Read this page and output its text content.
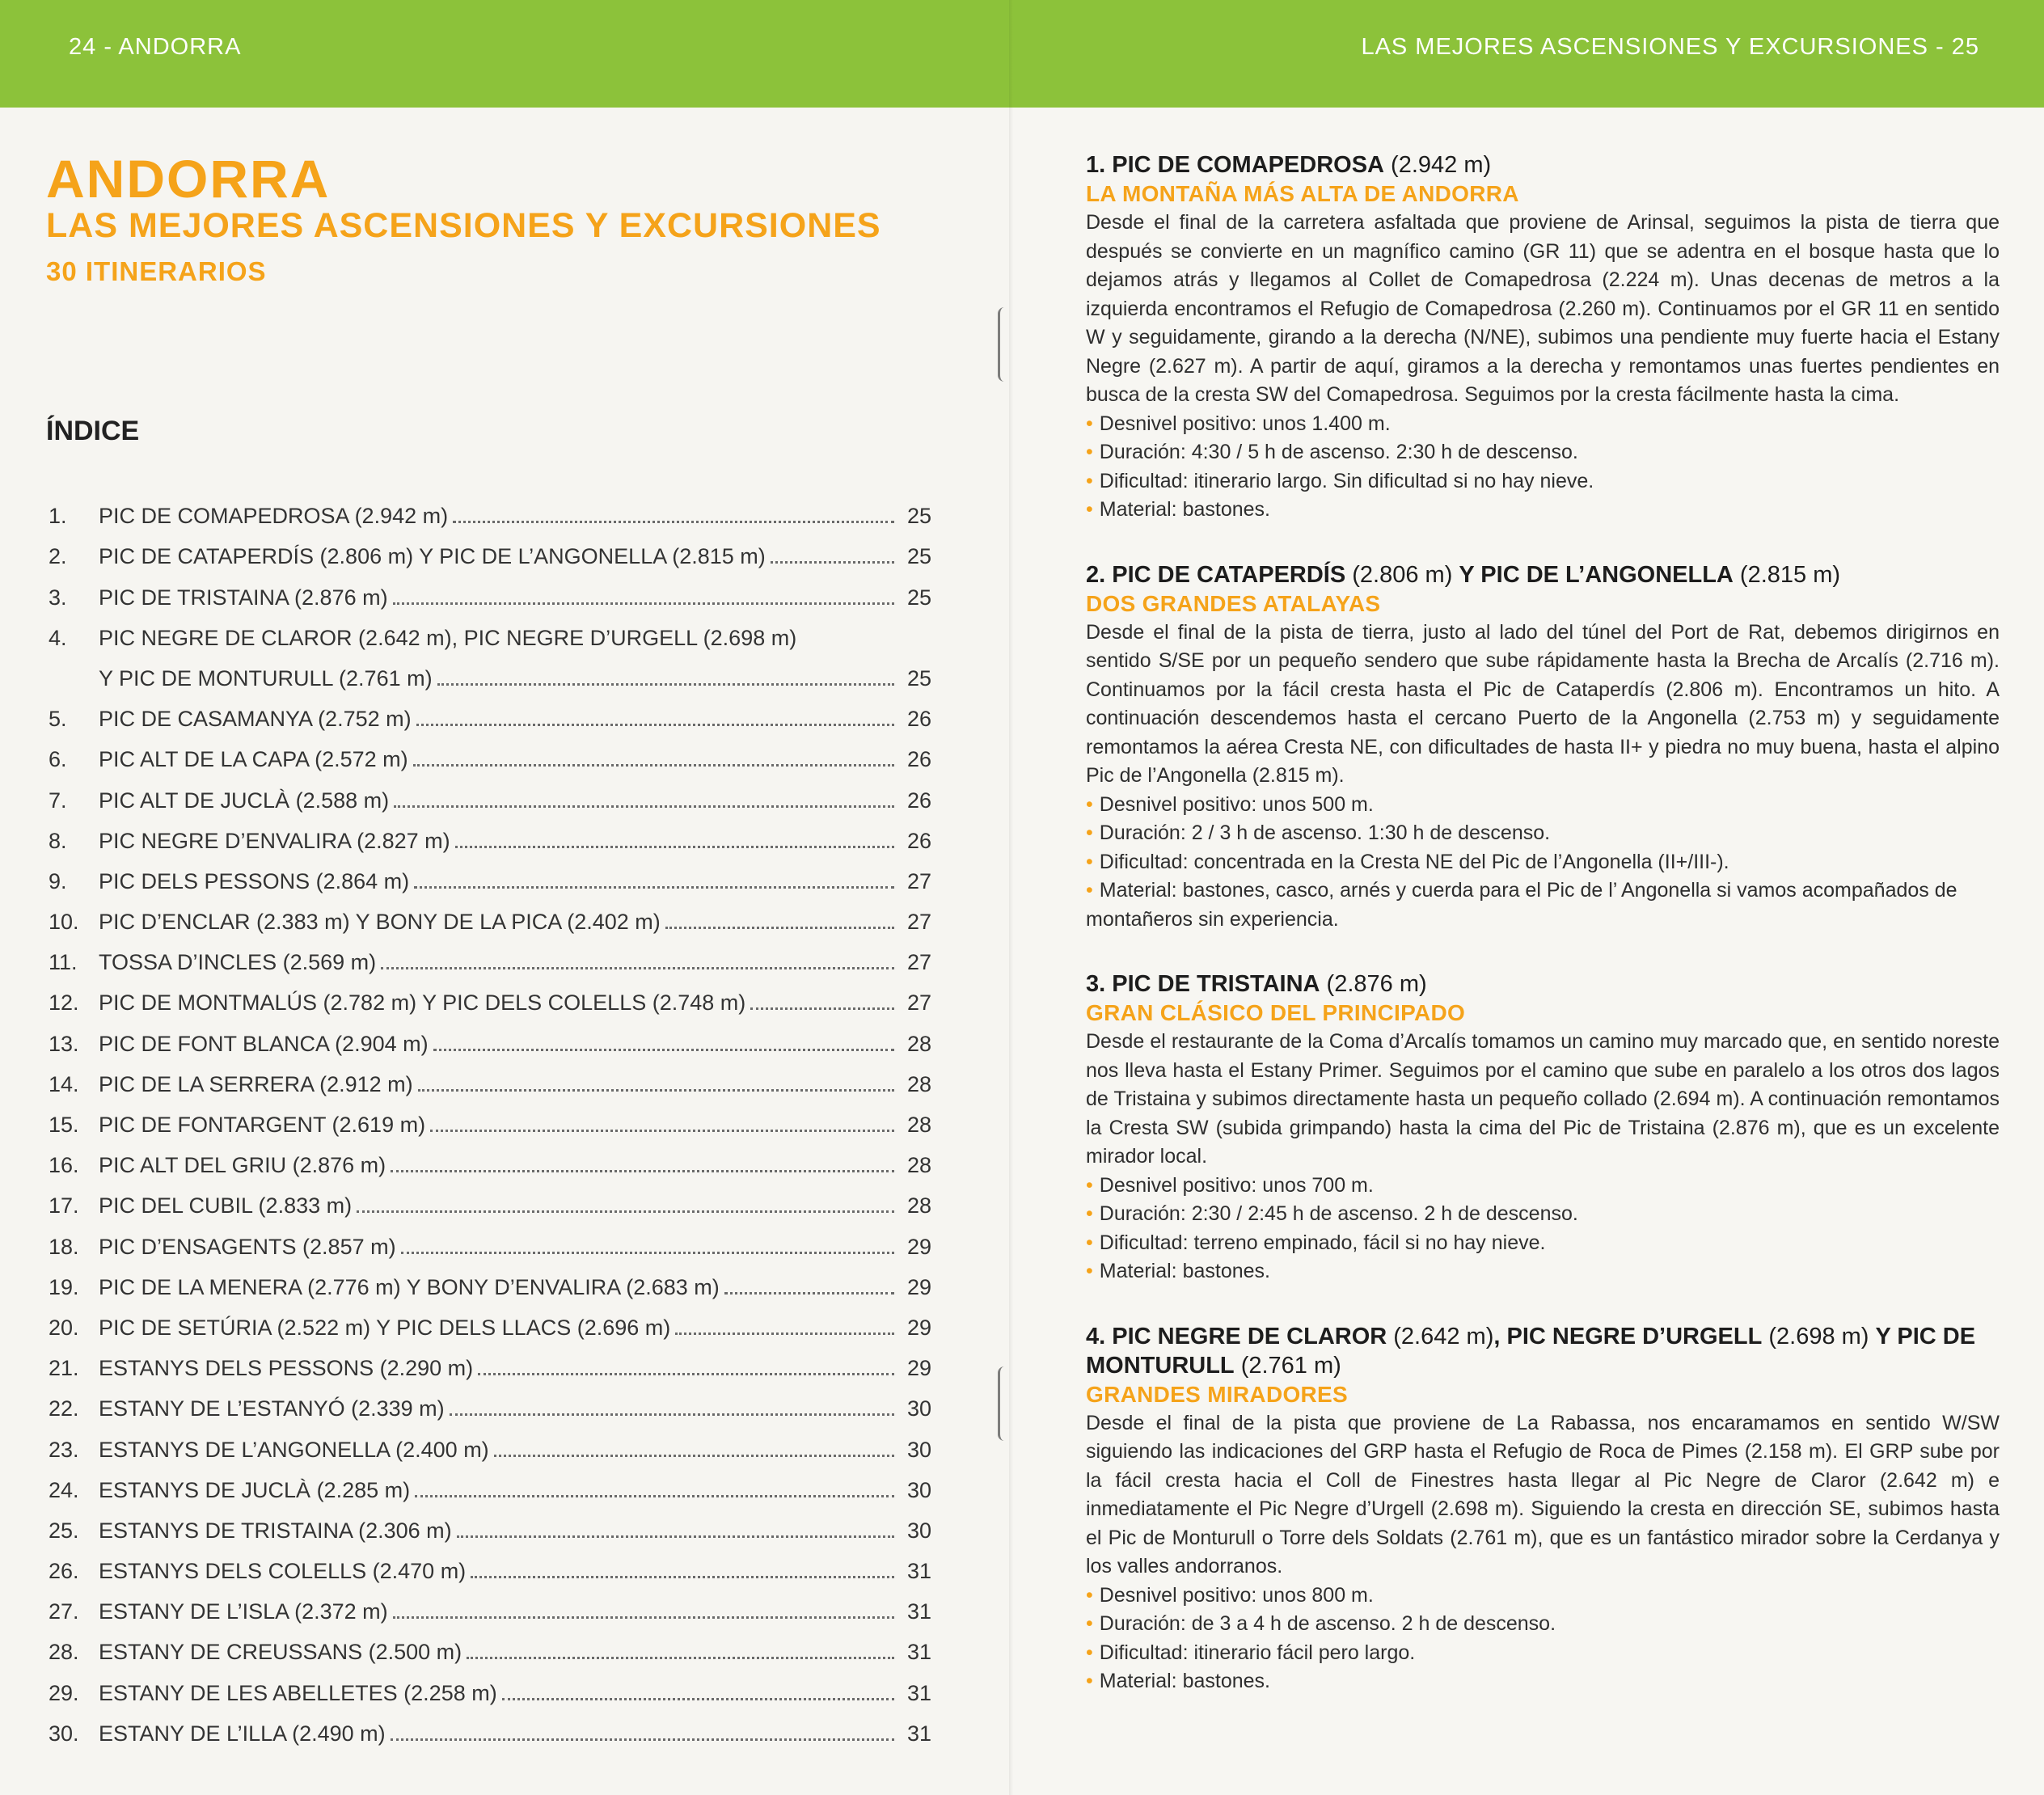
24 - ANDORRA
ANDORRA
LAS MEJORES ASCENSIONES Y EXCURSIONES
30 ITINERARIOS
ÍNDICE
1.	PIC DE COMAPEDROSA (2.942 m)	25
2.	PIC DE CATAPERDÍS (2.806 m) Y PIC DE L’ANGONELLA (2.815 m)	25
3.	PIC DE TRISTAINA (2.876 m)	25
4.	PIC NEGRE DE CLAROR (2.642 m), PIC NEGRE D’URGELL (2.698 m)
Y PIC DE MONTURULL (2.761 m)	25
5.	PIC DE CASAMANYA (2.752 m)	26
6.	PIC ALT DE LA CAPA (2.572 m)	26
7.	PIC ALT DE JUCLÀ (2.588 m)	26
8.	PIC NEGRE D’ENVALIRA (2.827 m)	26
9.	PIC DELS PESSONS (2.864 m)	27
10. PIC D’ENCLAR (2.383 m) Y BONY DE LA PICA (2.402 m)	27
11. TOSSA D’INCLES (2.569 m)	27
12. PIC DE MONTMALÚS (2.782 m) Y PIC DELS COLELLS (2.748 m)	27
13. PIC DE FONT BLANCA (2.904 m)	28
14. PIC DE LA SERRERA (2.912 m)	28
15. PIC DE FONTARGENT (2.619 m)	28
16. PIC ALT DEL GRIU (2.876 m)	28
17. PIC DEL CUBIL (2.833 m)	28
18. PIC D’ENSAGENTS (2.857 m)	29
19. PIC DE LA MENERA (2.776 m) Y BONY D’ENVALIRA (2.683 m)	29
20. PIC DE SETÚRIA (2.522 m) Y PIC DELS LLACS (2.696 m)	29
21. ESTANYS DELS PESSONS (2.290 m)	29
22. ESTANY DE L’ESTANYÓ (2.339 m)	30
23. ESTANYS DE L’ANGONELLA (2.400 m)	30
24. ESTANYS DE JUCLÀ (2.285 m)	30
25. ESTANYS DE TRISTAINA (2.306 m)	30
26. ESTANYS DELS COLELLS (2.470 m)	31
27. ESTANY DE L’ISLA (2.372 m)	31
28. ESTANY DE CREUSSANS (2.500 m)	31
29. ESTANY DE LES ABELLETES (2.258 m)	31
30. ESTANY DE L’ILLA (2.490 m)	31
LAS MEJORES ASCENSIONES Y EXCURSIONES - 25

1. PIC DE COMAPEDROSA (2.942 m)

LA MONTAÑA MÁS ALTA DE ANDORRA

Desde el final de la carretera asfaltada que proviene de Arinsal, seguimos la pista de tierra que después se convierte en un magnífico camino (GR 11) que se adentra en el bosque hasta que lo dejamos atrás y llegamos al Collet de Comapedrosa (2.224 m). Unas decenas de metros a la izquierda encontramos el Refugio de Comapedrosa (2.260 m). Continuamos por el GR 11 en sentido W y seguidamente, girando a la derecha (N/NE), subimos una pendiente muy fuerte hacia el Estany Negre (2.627 m). A partir de aquí, giramos a la derecha y remontamos unas fuertes pendientes en busca de la cresta SW del Comapedrosa. Seguimos por la cresta fácilmente hasta la cima.

• Desnivel positivo: unos 1.400 m.
• Duración: 4:30 / 5 h de ascenso. 2:30 h de descenso.
• Dificultad: itinerario largo. Sin dificultad si no hay nieve.
• Material: bastones.

2. PIC DE CATAPERDÍS (2.806 m) Y PIC DE L’ANGONELLA (2.815 m)

DOS GRANDES ATALAYAS

Desde el final de la pista de tierra, justo al lado del túnel del Port de Rat, debemos dirigirnos en sentido S/SE por un pequeño sendero que sube rápidamente hasta la Brecha de Arcalís (2.716 m). Continuamos por la fácil cresta hasta el Pic de Cataperdís (2.806 m). Encontramos un hito. A continuación descendemos hasta el cercano Puerto de la Angonella (2.753 m) y seguidamente remontamos la aérea Cresta NE, con dificultades de hasta II+ y piedra no muy buena, hasta el alpino Pic de l’Angonella (2.815 m).

• Desnivel positivo: unos 500 m.
• Duración: 2 / 3 h de ascenso. 1:30 h de descenso.
• Dificultad: concentrada en la Cresta NE del Pic de l’Angonella (II+/III-).
• Material: bastones, casco, arnés y cuerda para el Pic de l’ Angonella si vamos acompañados de montañeros sin experiencia.

3. PIC DE TRISTAINA (2.876 m)

GRAN CLÁSICO DEL PRINCIPADO

Desde el restaurante de la Coma d’Arcalís tomamos un camino muy marcado que, en sentido noreste nos lleva hasta el Estany Primer. Seguimos por el camino que sube en paralelo a los otros dos lagos de Tristaina y subimos directamente hasta un pequeño collado (2.694 m). A continuación remontamos la Cresta SW (subida grimpando) hasta la cima del Pic de Tristaina (2.876 m), que es un excelente mirador local.

• Desnivel positivo: unos 700 m.
• Duración: 2:30 / 2:45 h de ascenso. 2 h de descenso.
• Dificultad: terreno empinado, fácil si no hay nieve.
• Material: bastones.

4. PIC NEGRE DE CLAROR (2.642 m), PIC NEGRE D’URGELL (2.698 m) Y PIC DE MONTURULL (2.761 m)

GRANDES MIRADORES

Desde el final de la pista que proviene de La Rabassa, nos encaramamos en sentido W/SW siguiendo las indicaciones del GRP hasta el Refugio de Roca de Pimes (2.158 m). El GRP sube por la fácil cresta hacia el Coll de Finestres hasta llegar al Pic Negre de Claror (2.642 m) e inmediatamente el Pic Negre d’Urgell (2.698 m). Siguiendo la cresta en dirección SE, subimos hasta el Pic de Monturull o Torre dels Soldats (2.761 m), que es un fantástico mirador sobre la Cerdanya y los valles andorranos.

• Desnivel positivo: unos 800 m.
• Duración: de 3 a 4 h de ascenso. 2 h de descenso.
• Dificultad: itinerario fácil pero largo.
• Material: bastones.
